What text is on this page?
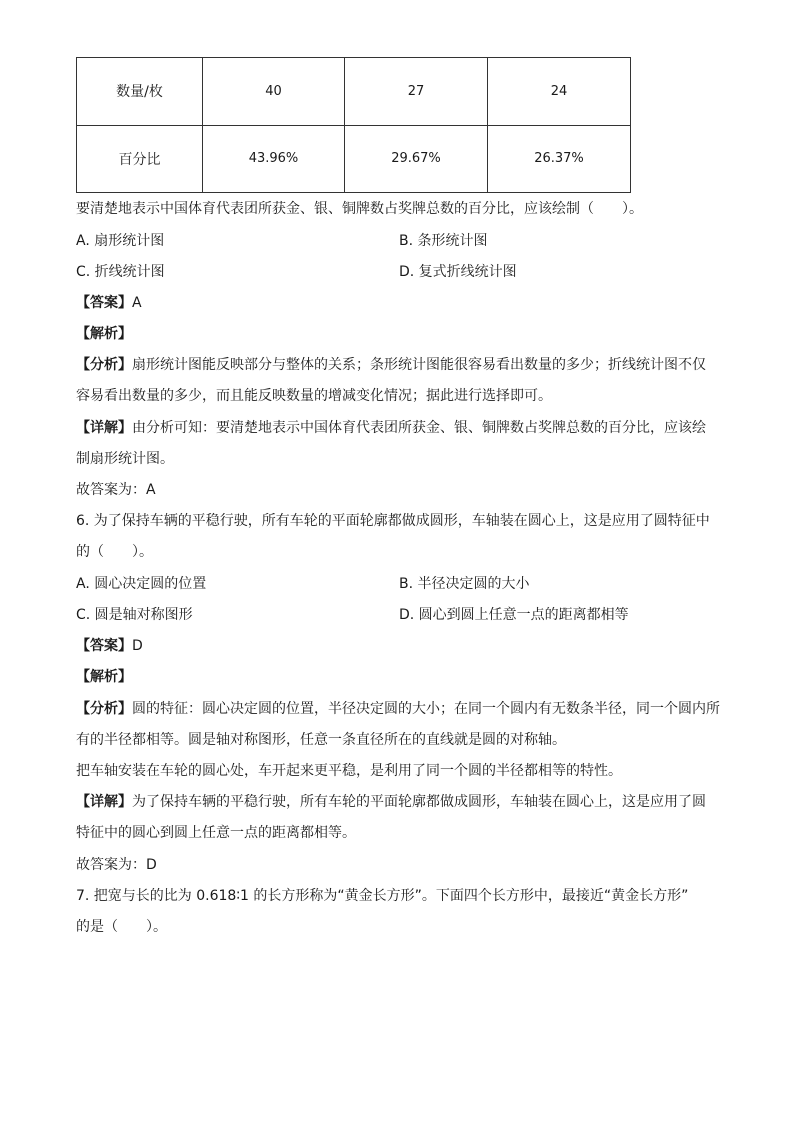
数量/枚	40	27	24
百分比	43.96%	29.67%	26.37%
要清楚地表示中国体育代表团所获金、银、铜牌数占奖牌总数的百分比，应该绘制（　　）。
A. 扇形统计图	B. 条形统计图
C. 折线统计图	D. 复式折线统计图
【答案】A
【解析】
【分析】扇形统计图能反映部分与整体的关系；条形统计图能很容易看出数量的多少；折线统计图不仅
容易看出数量的多少，而且能反映数量的增减变化情况；据此进行选择即可。
【详解】由分析可知：要清楚地表示中国体育代表团所获金、银、铜牌数占奖牌总数的百分比，应该绘
制扇形统计图。
故答案为：A
6. 为了保持车辆的平稳行驶，所有车轮的平面轮廓都做成圆形，车轴装在圆心上，这是应用了圆特征中
的（　　）。
A. 圆心决定圆的位置	B. 半径决定圆的大小
C. 圆是轴对称图形	D. 圆心到圆上任意一点的距离都相等
【答案】D
【解析】
【分析】圆的特征：圆心决定圆的位置，半径决定圆的大小；在同一个圆内有无数条半径，同一个圆内所
有的半径都相等。圆是轴对称图形，任意一条直径所在的直线就是圆的对称轴。
把车轴安装在车轮的圆心处，车开起来更平稳，是利用了同一个圆的半径都相等的特性。
【详解】为了保持车辆的平稳行驶，所有车轮的平面轮廓都做成圆形，车轴装在圆心上，这是应用了圆
特征中的圆心到圆上任意一点的距离都相等。
故答案为：D
7. 把宽与长的比为 0.618∶1 的长方形称为“黄金长方形”。下面四个长方形中，最接近“黄金长方形”
的是（　　）。
